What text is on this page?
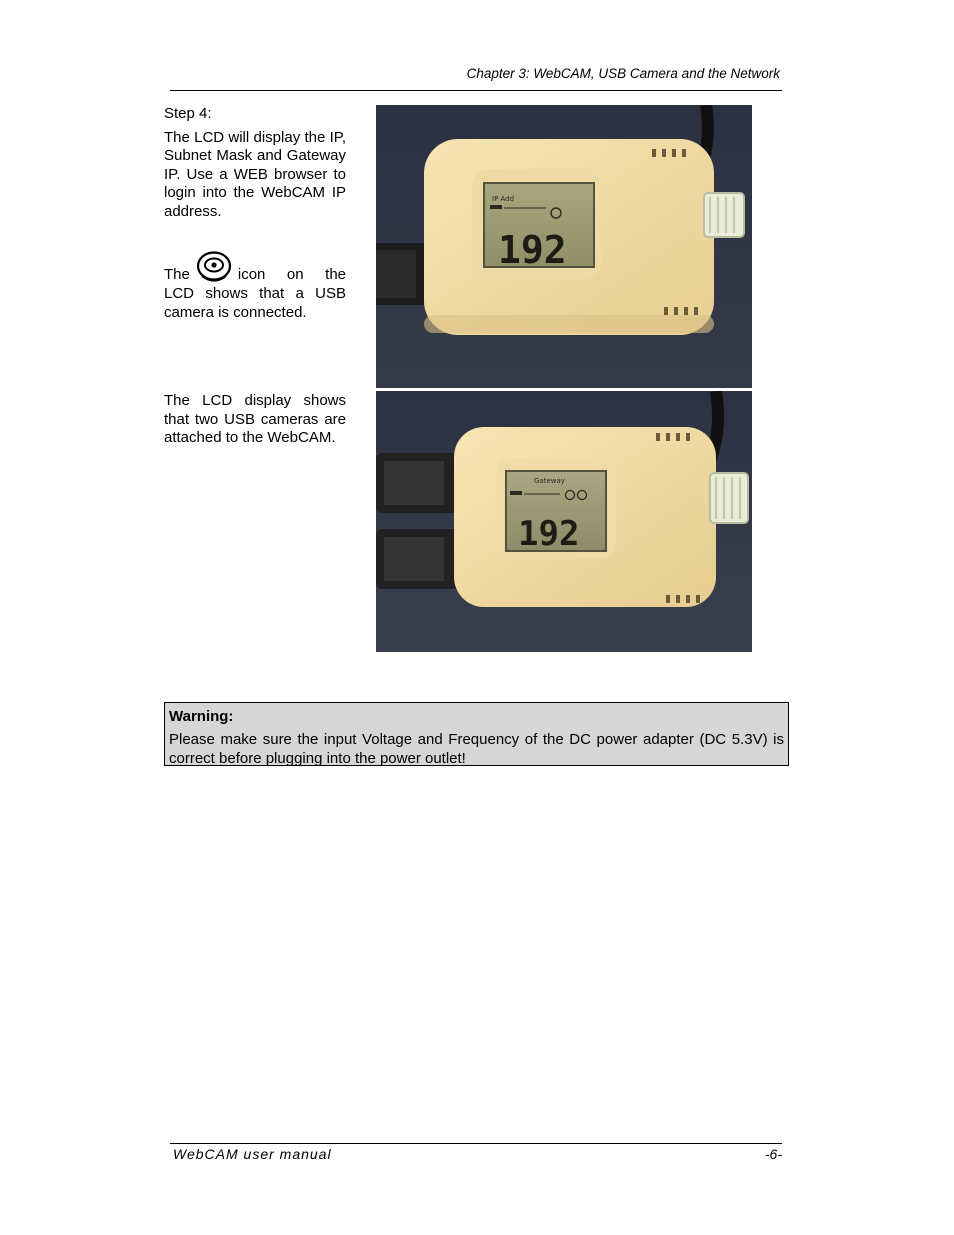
Chapter 3: WebCAM, USB Camera and the Network

Step 4:

The LCD will display the IP, Subnet Mask and Gateway IP. Use a WEB browser to login into the WebCAM IP address.

The	icon on the

LCD shows that a USB camera is connected.

The LCD display shows that two USB cameras are attached to the WebCAM.

IP Add
192
Gateway
192
Warning:
Please make sure the input Voltage and Frequency of the DC power adapter (DC 5.3V) is correct before plugging into the power outlet!
WebCAM user manual	-6-
